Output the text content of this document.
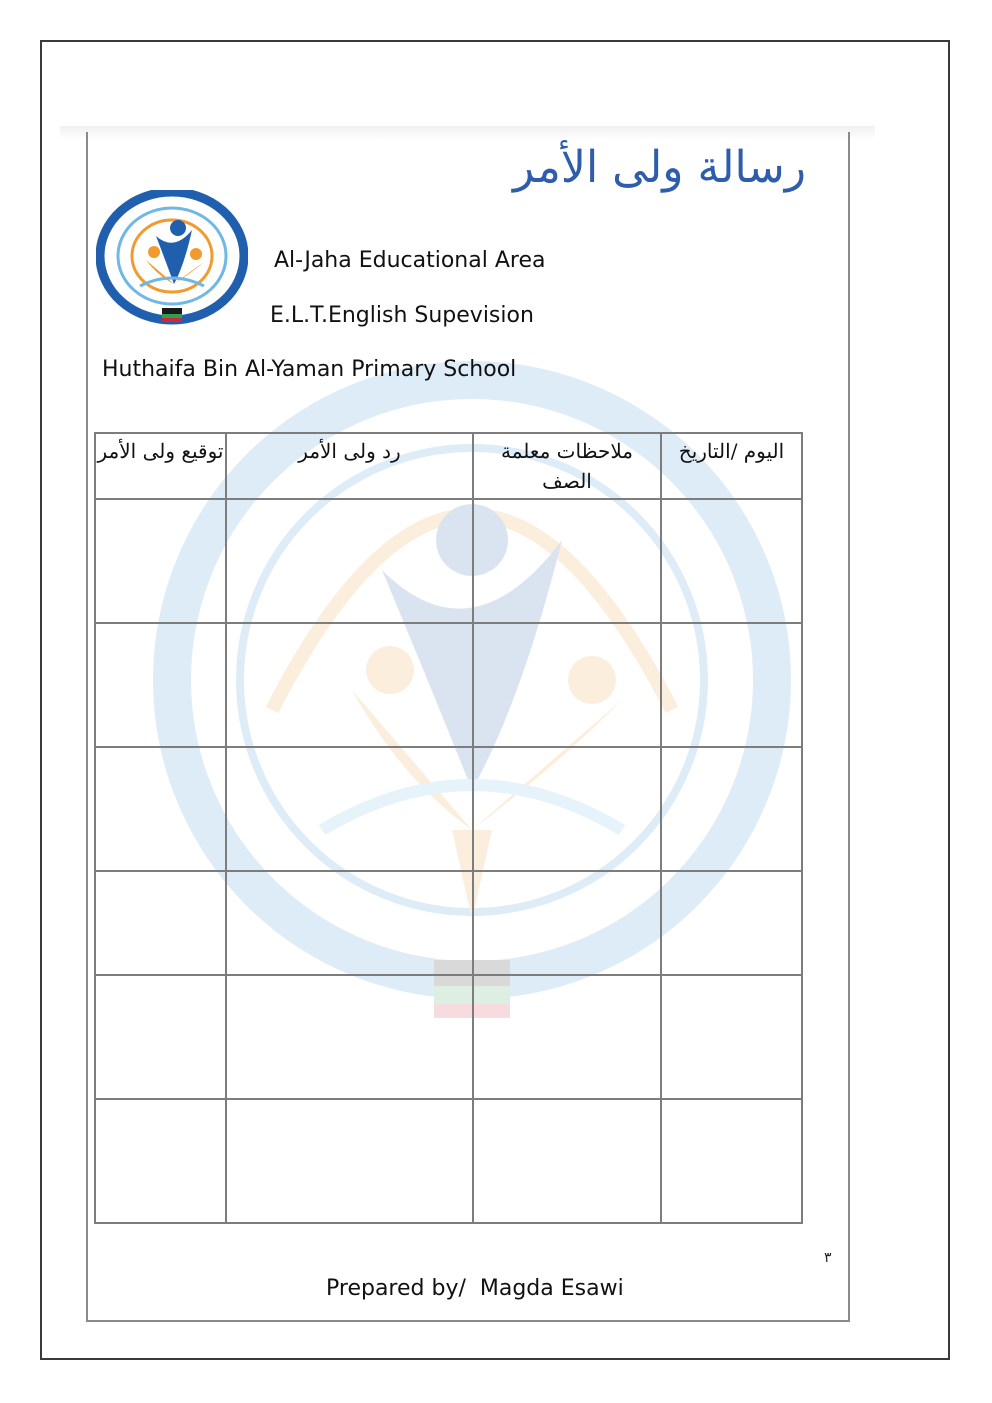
رسالة ولى الأمر
Al-Jaha Educational Area
E.L.T.English Supevision
Huthaifa Bin Al-Yaman Primary School
اليوم /التاريخ	ملاحظات معلمة الصف	رد ولى الأمر	توقيع ولى الأمر

٣
Prepared by/  Magda Esawi
